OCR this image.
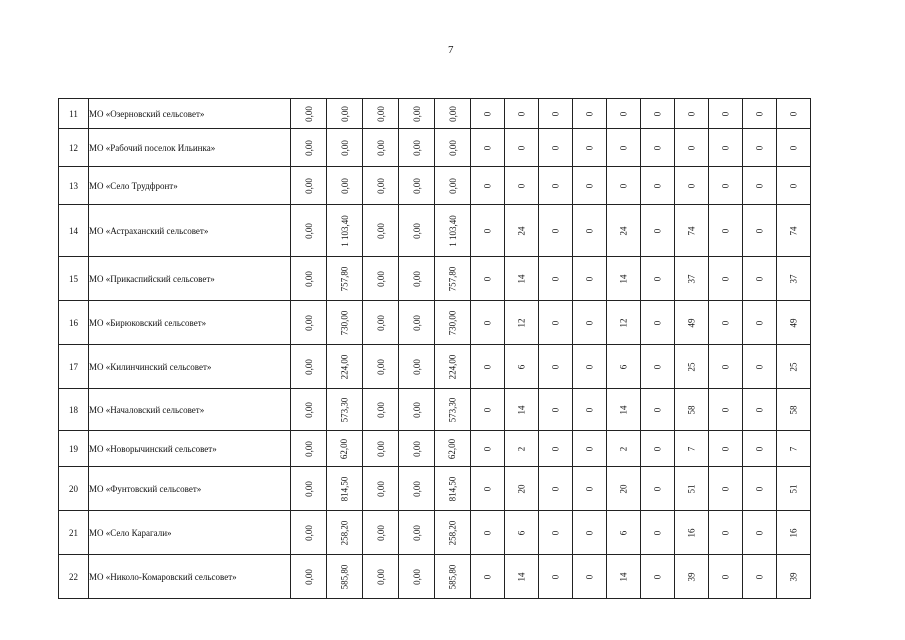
7
11	МО «Озерновский сельсовет»	0,00	0,00	0,00	0,00	0,00	0	0	0	0	0	0	0	0	0	0
12	МО «Рабочий поселок Ильинка»	0,00	0,00	0,00	0,00	0,00	0	0	0	0	0	0	0	0	0	0
13	МО «Село Трудфронт»	0,00	0,00	0,00	0,00	0,00	0	0	0	0	0	0	0	0	0	0
14	МО «Астраханский сельсовет»	0,00	1 103,40	0,00	0,00	1 103,40	0	24	0	0	24	0	74	0	0	74
15	МО «Прикаспийский сельсовет»	0,00	757,80	0,00	0,00	757,80	0	14	0	0	14	0	37	0	0	37
16	МО «Бирюковский сельсовет»	0,00	730,00	0,00	0,00	730,00	0	12	0	0	12	0	49	0	0	49
17	МО «Килинчинский сельсовет»	0,00	224,00	0,00	0,00	224,00	0	6	0	0	6	0	25	0	0	25
18	МО «Началовский сельсовет»	0,00	573,30	0,00	0,00	573,30	0	14	0	0	14	0	58	0	0	58
19	МО «Новорычинский сельсовет»	0,00	62,00	0,00	0,00	62,00	0	2	0	0	2	0	7	0	0	7
20	МО «Фунтовский сельсовет»	0,00	814,50	0,00	0,00	814,50	0	20	0	0	20	0	51	0	0	51
21	МО «Село Карагали»	0,00	258,20	0,00	0,00	258,20	0	6	0	0	6	0	16	0	0	16
22	МО «Николо-Комаровский сельсовет»	0,00	585,80	0,00	0,00	585,80	0	14	0	0	14	0	39	0	0	39
